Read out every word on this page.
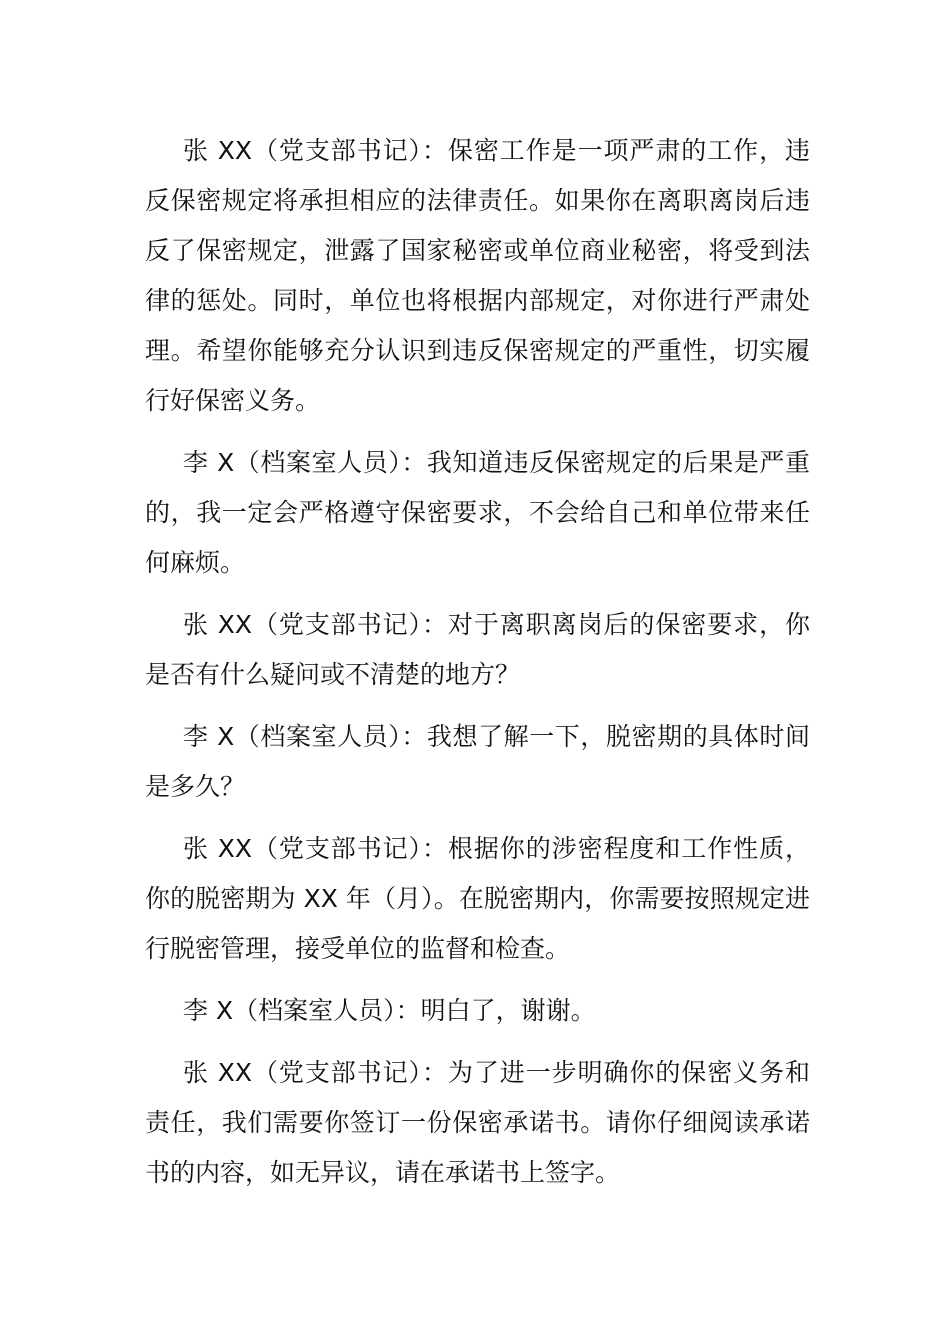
张 XX（党支部书记）：保密工作是一项严肃的工作，违反保密规定将承担相应的法律责任。如果你在离职离岗后违反了保密规定，泄露了国家秘密或单位商业秘密，将受到法律的惩处。同时，单位也将根据内部规定，对你进行严肃处理。希望你能够充分认识到违反保密规定的严重性，切实履行好保密义务。

李 X（档案室人员）：我知道违反保密规定的后果是严重的，我一定会严格遵守保密要求，不会给自己和单位带来任何麻烦。

张 XX（党支部书记）：对于离职离岗后的保密要求，你是否有什么疑问或不清楚的地方？

李 X（档案室人员）：我想了解一下，脱密期的具体时间是多久？

张 XX（党支部书记）：根据你的涉密程度和工作性质，你的脱密期为 XX 年（月）。在脱密期内，你需要按照规定进行脱密管理，接受单位的监督和检查。

李 X（档案室人员）：明白了，谢谢。

张 XX（党支部书记）：为了进一步明确你的保密义务和责任，我们需要你签订一份保密承诺书。请你仔细阅读承诺书的内容，如无异议，请在承诺书上签字。
